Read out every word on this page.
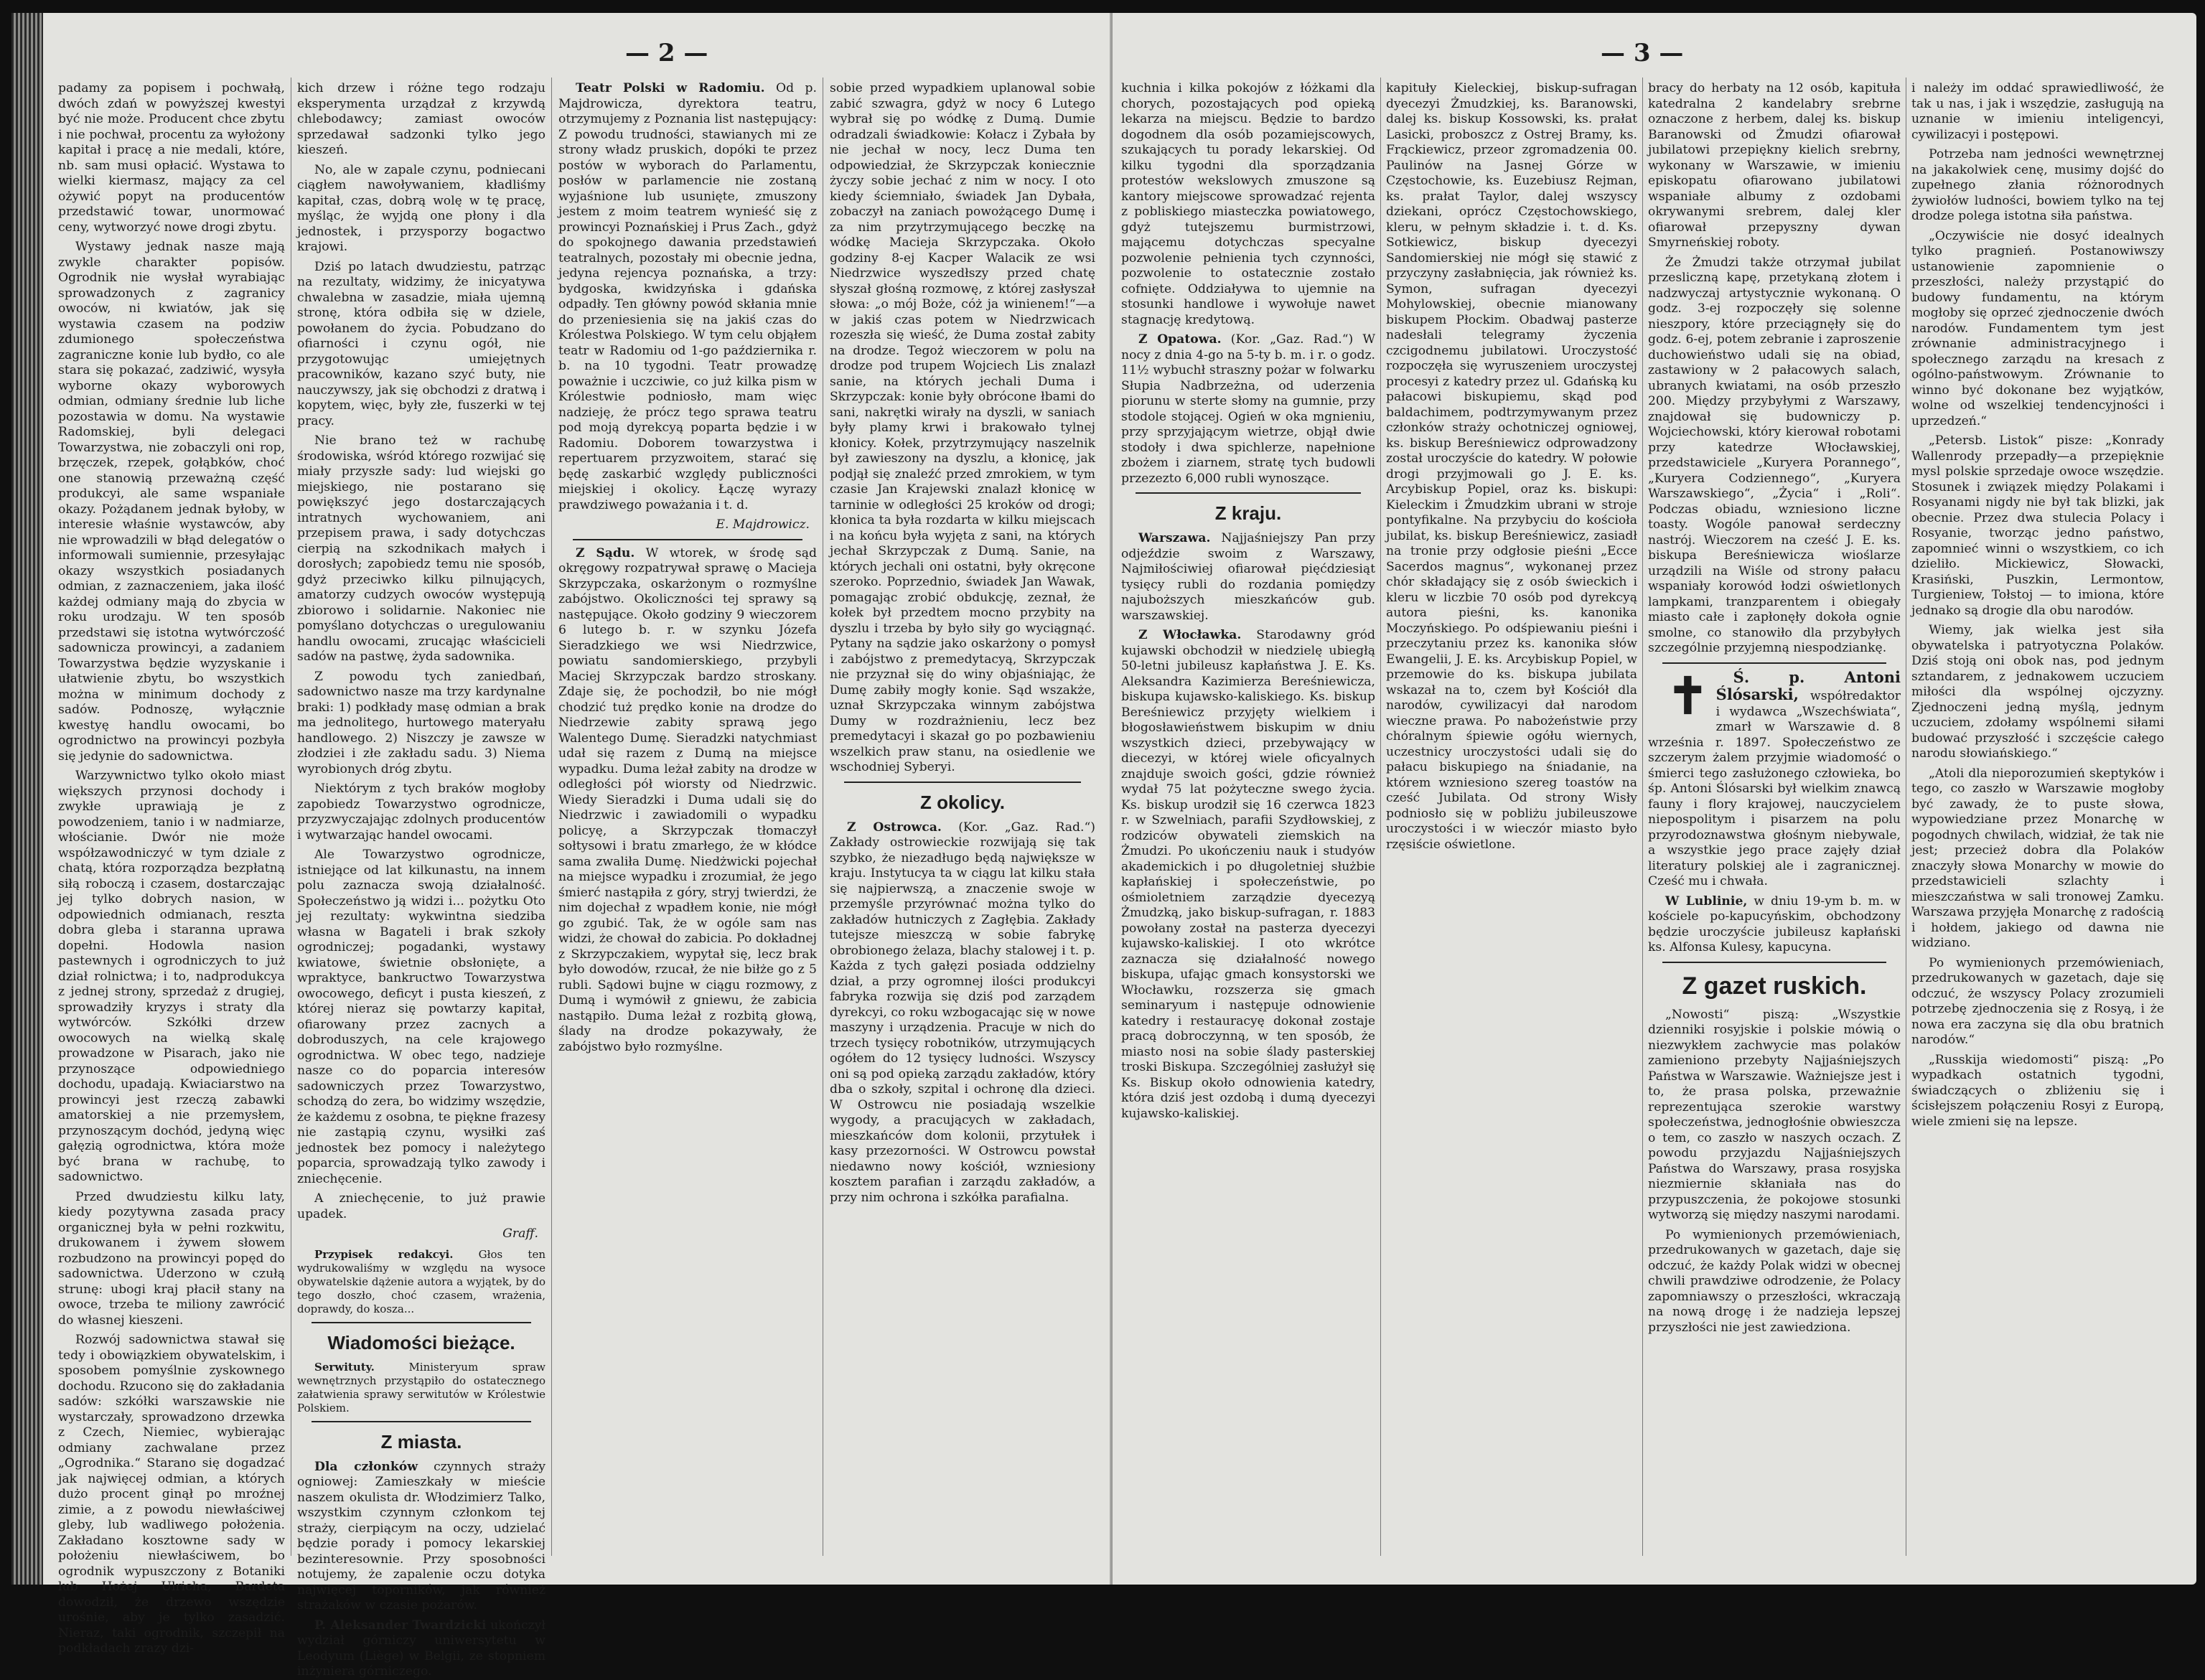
— 2 —

padamy za popisem i pochwałą, dwóch zdań w powyższej kwestyi być nie może. Producent chce zbytu i nie pochwał, procentu za wyłożony kapitał i pracę a nie medali, które, nb. sam musi opłacić. Wystawa to wielki kiermasz, mający za cel ożywić popyt na producentów przedstawić towar, unormować ceny, wytworzyć nowe drogi zbytu.

Wystawy jednak nasze mają zwykle charakter popisów. Ogrodnik nie wysłał wyrabiając sprowadzonych z zagranicy owoców, ni kwiatów, jak się wystawia czasem na podziw zdumionego społeczeństwa zagraniczne konie lub bydło, co ale stara się pokazać, zadziwić, wysyła wyborne okazy wyborowych odmian, odmiany średnie lub liche pozostawia w domu. Na wystawie Radomskiej, byli delegaci Towarzystwa, nie zobaczyli oni rop, brzęczek, rzepek, gołąbków, choć one stanowią przeważną część produkcyi, ale same wspaniałe okazy. Pożądanem jednak byłoby, w interesie właśnie wystawców, aby nie wprowadzili w błąd delegatów o informowali sumiennie, przesyłając okazy wszystkich posiadanych odmian, z zaznaczeniem, jaka ilość każdej odmiany mają do zbycia w roku urodzaju. W ten sposób przedstawi się istotna wytwórczość sadownicza prowincyi, a zadaniem Towarzystwa będzie wyzyskanie i ułatwienie zbytu, bo wszystkich można w minimum dochody z sadów. Podnoszę, wyłącznie kwestyę handlu owocami, bo ogrodnictwo na prowincyi pozbyła się jedynie do sadownictwa.

Warzywnictwo tylko około miast większych przynosi dochody i zwykłe uprawiają je z powodzeniem, tanio i w nadmiarze, włościanie. Dwór nie może współzawodniczyć w tym dziale z chatą, która rozporządza bezpłatną siłą roboczą i czasem, dostarczając jej tylko dobrych nasion, w odpowiednich odmianach, reszta dobra gleba i staranna uprawa dopełni. Hodowla nasion pastewnych i ogrodniczych to już dział rolnictwa; i to, nadprodukcya z jednej strony, sprzedaż z drugiej, sprowadziły kryzys i straty dla wytwórców. Szkółki drzew owocowych na wielką skalę prowadzone w Pisarach, jako nie przynoszące odpowiedniego dochodu, upadają. Kwiaciarstwo na prowincyi jest rzeczą zabawki amatorskiej a nie przemysłem, przynoszącym dochód, jedyną więc gałęzią ogrodnictwa, która może być brana w rachubę, to sadownictwo.

Przed dwudziestu kilku laty, kiedy pozytywna zasada pracy organicznej była w pełni rozkwitu, drukowanem i żywem słowem rozbudzono na prowincyi popęd do sadownictwa. Uderzono w czułą strunę: ubogi kraj płacił stany na owoce, trzeba te miliony zawrócić do własnej kieszeni.

Rozwój sadownictwa stawał się tedy i obowiązkiem obywatelskim, i sposobem pomyślnie zyskownego dochodu. Rzucono się do zakładania sadów: szkółki warszawskie nie wystarczały, sprowadzono drzewka z Czech, Niemiec, wybierając odmiany zachwalane przez „Ogrodnika.“ Starano się dogadzać jak najwięcej odmian, a których dużo procent ginął po mroźnej zimie, a z powodu niewłaściwej gleby, lub wadliwego położenia. Zakładano kosztowne sady w położeniu niewłaściwem, bo ogrodnik wypuszczony z Botaniki lub Hożej Ulricha, Bardeta dowodził, że drzewo wszędzie urośnie, aby je tylko zasadzić. Nieraz, taki ogrodnik, szczepił na podkładach zrazy dzi-

kich drzew i różne tego rodzaju eksperymenta urządzał z krzywdą chlebodawcy; zamiast owoców sprzedawał sadzonki tylko jego kieszeń.

No, ale w zapale czynu, podniecani ciągłem nawoływaniem, kładliśmy kapitał, czas, dobrą wolę w tę pracę, myśląc, że wyjdą one płony i dla jednostek, i przysporzy bogactwo krajowi.

Dziś po latach dwudziestu, patrząc na rezultaty, widzimy, że inicyatywa chwalebna w zasadzie, miała ujemną stronę, która odbiła się w dziele, powołanem do życia. Pobudzano do ofiarności i czynu ogół, nie przygotowując umiejętnych pracowników, kazano szyć buty, nie nauczywszy, jak się obchodzi z dratwą i kopytem, więc, były złe, fuszerki w tej pracy.

Nie brano też w rachubę środowiska, wśród którego rozwijać się miały przyszłe sady: lud wiejski go miejskiego, nie postarano się powiększyć jego dostarczających intratnych wychowaniem, ani przepisem prawa, i sady dotychczas cierpią na szkodnikach małych i dorosłych; zapobiedz temu nie sposób, gdyż przeciwko kilku pilnujących, amatorzy cudzych owoców występują zbiorowo i solidarnie. Nakoniec nie pomyślano dotychczas o uregulowaniu handlu owocami, zrucając właścicieli sadów na pastwę, żyda sadownika.

Z powodu tych zaniedbań, sadownictwo nasze ma trzy kardynalne braki: 1) podkłady masę odmian a brak ma jednolitego, hurtowego materyału handlowego. 2) Niszczy je zawsze w złodziei i złe zakładu sadu. 3) Niema wyrobionych dróg zbytu.

Niektórym z tych braków mogłoby zapobiedz Towarzystwo ogrodnicze, przyzwyczajając zdolnych producentów i wytwarzając handel owocami.

Ale Towarzystwo ogrodnicze, istniejące od lat kilkunastu, na innem polu zaznacza swoją działalność. Społeczeństwo ją widzi i... pożytku Oto jej rezultaty: wykwintna siedziba własna w Bagateli i brak szkoły ogrodniczej; pogadanki, wystawy kwiatowe, świetnie obsłonięte, a wpraktyce, bankructwo Towarzystwa owocowego, deficyt i pusta kieszeń, z której nieraz się powtarzy kapitał, ofiarowany przez zacnych a dobroduszych, na cele krajowego ogrodnictwa. W obec tego, nadzieje nasze co do poparcia interesów sadowniczych przez Towarzystwo, schodzą do zera, bo widzimy wszędzie, że każdemu z osobna, te piękne frazesy nie zastąpią czynu, wysiłki zaś jednostek bez pomocy i należytego poparcia, sprowadzają tylko zawody i zniechęcenie.

A zniechęcenie, to już prawie upadek.

Graff.

Przypisek redakcyi. Głos ten wydrukowaliśmy w względu na wysoce obywatelskie dążenie autora a wyjątek, by do tego doszło, choć czasem, wrażenia, doprawdy, do kosza...

Wiadomości bieżące.

Serwituty.	Ministeryum spraw wewnętrznych przystąpiło do ostatecznego załatwienia sprawy serwitutów w Królestwie Polskiem.

Z miasta.

Dla członków czynnych straży ogniowej: Zamieszkały w mieście naszem okulista dr. Włodzimierz Talko, wszystkim czynnym członkom tej straży, cierpiącym na oczy, udzielać będzie porady i pomocy lekarskiej bezinteresownie. Przy sposobności notujemy, że zapalenie oczu dotyka najwięcej toporników, jak również strażaków w czasie pożarów.

P. Aleksander Twardzicki ukończył wydział górniczy uniwersytetu w Leodyum (Liège) w Belgii, ze stopniem inżyniera górniczego.

Teatr Polski w Radomiu. Od p. Majdrowicza, dyrektora teatru, otrzymujemy z Poznania list następujący: Z powodu trudności, stawianych mi ze strony władz pruskich, dopóki te przez postów w wyborach do Parlamentu, posłów w parlamencie nie zostaną wyjaśnione lub usunięte, zmuszony jestem z moim teatrem wynieść się z prowincyi Poznańskiej i Prus Zach., gdyż do spokojnego dawania przedstawień teatralnych, pozostały mi obecnie jedna, jedyna rejencya poznańska, a trzy: bydgoska, kwidzyńska i gdańska odpadły. Ten główny powód skłania mnie do przeniesienia się na jakiś czas do Królestwa Polskiego. W tym celu objąłem teatr w Radomiu od 1-go października r. b. na 10 tygodni. Teatr prowadzę poważnie i uczciwie, co już kilka pism w Królestwie podniosło, mam więc nadzieję, że prócz tego sprawa teatru pod moją dyrekcyą poparta będzie i w Radomiu. Doborem towarzystwa i repertuarem przyzwoitem, starać się będę zaskarbić względy publiczności miejskiej i okolicy. Łączę wyrazy prawdziwego poważania i t. d.

E. Majdrowicz.

Z Sądu. W wtorek, w środę sąd okręgowy rozpatrywał sprawę o Macieja Skrzypczaka, oskarżonym o rozmyślne zabójstwo. Okoliczności tej sprawy są następujące. Około godziny 9 wieczorem 6 lutego b. r. w szynku Józefa Sieradzkiego we wsi Niedrzwice, powiatu sandomierskiego, przybyli Maciej Skrzypczak bardzo stroskany. Zdaje się, że pochodził, bo nie mógł chodzić tuż prędko konie na drodze do Niedrzewie zabity sprawą jego Walentego Dumę. Sieradzki natychmiast udał się razem z Dumą na miejsce wypadku. Duma leżał zabity na drodze w odległości pół wiorsty od Niedrzwic. Wiedy Sieradzki i Duma udali się do Niedrzwic i zawiadomili o wypadku policyę, a Skrzypczak tłomaczył sołtysowi i bratu zmarłego, że w kłódce sama zwaliła Dumę. Niedżwicki pojechał na miejsce wypadku i zrozumiał, że jego śmierć nastąpiła z góry, stryj twierdzi, że nim dojechał z wpadłem konie, nie mógł go zgubić. Tak, że w ogóle sam nas widzi, że chował do zabicia. Po dokładnej z Skrzypczakiem, wypytał się, lecz brak było dowodów, rzucał, że nie biłże go z 5 rubli. Sądowi bujne w ciągu rozmowy, z Dumą i wymówił z gniewu, że zabicia nastąpiło. Duma leżał z rozbitą głową, ślady na drodze pokazywały, że zabójstwo było rozmyślne.

sobie przed wypadkiem uplanowal sobie zabić szwagra, gdyż w nocy 6 Lutego wybrał się po wódkę z Dumą. Dumie odradzali świadkowie: Kołacz i Zybała by nie jechał w nocy, lecz Duma ten odpowiedział, że Skrzypczak koniecznie życzy sobie jechać z nim w nocy. I oto kiedy ściemniało, świadek Jan Dybała, zobaczył na zaniach powożącego Dumę i za nim przytrzymującego beczkę na wódkę Macieja Skrzypczaka. Około godziny 8-ej Kacper Walacik ze wsi Niedrzwice wyszedłszy przed chatę słyszał głośną rozmowę, z której zasłyszał słowa: „o mój Boże, cóż ja winienem!“—a w jakiś czas potem w Niedrzwicach rozeszła się wieść, że Duma został zabity na drodze. Tegoż wieczorem w polu na drodze pod trupem Wojciech Lis znalazł sanie, na których jechali Duma i Skrzypczak: konie były obrócone łbami do sani, nakrętki wirały na dyszli, w saniach były plamy krwi i brakowało tylnej kłonicy. Kołek, przytrzymujący naszelnik był zawieszony na dyszlu, a kłonicę, jak podjął się znaleźć przed zmrokiem, w tym czasie Jan Krajewski znalazł kłonicę w tarninie w odległości 25 kroków od drogi; kłonica ta była rozdarta w kilku miejscach i na końcu była wyjęta z sani, na których jechał Skrzypczak z Dumą. Sanie, na których jechali oni ostatni, były okręcone szeroko. Poprzednio, świadek Jan Wawak, pomagając zrobić obdukcję, zeznał, że kołek był przedtem mocno przybity na dyszlu i trzeba by było siły go wyciągnąć. Pytany na sądzie jako oskarżony o pomysł i zabójstwo z premedytacyą, Skrzypczak nie przyznał się do winy objaśniając, że Dumę zabiły mogły konie. Sąd wszakże, uznał Skrzypczaka winnym zabójstwa Dumy w rozdrażnieniu, lecz bez premedytacyi i skazał go po pozbawieniu wszelkich praw stanu, na osiedlenie we wschodniej Syberyi.

Z okolicy.

Z Ostrowca. (Kor. „Gaz. Rad.“) Zakłady ostrowieckie rozwijają się tak szybko, że niezadługo będą największe w kraju. Instytucya ta w ciągu lat kilku stała się najpierwszą, a znaczenie swoje w przemyśle przyrównać można tylko do zakładów hutniczych z Zagłębia. Zakłady tutejsze mieszczą w sobie fabrykę obrobionego żelaza, blachy stalowej i t. p. Każda z tych gałęzi posiada oddzielny dział, a przy ogromnej ilości produkcyi fabryka rozwija się dziś pod zarządem dyrekcyi, co roku wzbogacając się w nowe maszyny i urządzenia. Pracuje w nich do trzech tysięcy robotników, utrzymujących ogółem do 12 tysięcy ludności. Wszyscy oni są pod opieką zarządu zakładów, który dba o szkoły, szpital i ochronę dla dzieci. W Ostrowcu nie posiadają wszelkie wygody, a pracujących w zakładach, mieszkańców dom kolonii, przytułek i kasy przezorności. W Ostrowcu powstał niedawno nowy kościół, wzniesiony kosztem parafian i zarządu zakładów, a przy nim ochrona i szkółka parafialna.

— 3 —

kuchnia i kilka pokojów z łóżkami dla chorych, pozostających pod opieką lekarza na miejscu. Będzie to bardzo dogodnem dla osób pozamiejscowych, szukających tu porady lekarskiej. Od kilku tygodni dla sporządzania protestów wekslowych zmuszone są kantory miejscowe sprowadzać rejenta z pobliskiego miasteczka powiatowego, gdyż tutejszemu burmistrzowi, mającemu dotychczas specyalne pozwolenie pełnienia tych czynności, pozwolenie to ostatecznie zostało cofnięte. Oddziaływa to ujemnie na stosunki handlowe i wywołuje nawet stagnację kredytową.

Z Opatowa. (Kor. „Gaz. Rad.“) W nocy z dnia 4-go na 5-ty b. m. i r. o godz. 11½ wybuchł straszny pożar w folwarku Słupia Nadbrzeżna, od uderzenia piorunu w sterte słomy na gumnie, przy stodole stojącej. Ogień w oka mgnieniu, przy sprzyjającym wietrze, objął dwie stodoły i dwa spichlerze, napełnione zbożem i ziarnem, stratę tych budowli przezezto 6,000 rubli wynoszące.

Z kraju.

Warszawa. Najjaśniejszy Pan przy odjeździe swoim z Warszawy, Najmiłościwiej ofiarował pięćdziesiąt tysięcy rubli do rozdania pomiędzy najuboższych mieszkańców gub. warszawskiej.

Z Włocławka. Starodawny gród kujawski obchodził w niedzielę ubiegłą 50-letni jubileusz kapłaństwa J. E. Ks. Aleksandra Kazimierza Bereśniewicza, biskupa kujawsko-kaliskiego. Ks. biskup Bereśniewicz przyjęty wielkiem i błogosławieństwem biskupim w dniu wszystkich dzieci, przebywający w diecezyi, w której wiele oficyalnych znajduje swoich gości, gdzie również wydał 75 lat pożyteczne swego życia. Ks. biskup urodził się 16 czerwca 1823 r. w Szwelniach, parafii Szydłowskiej, z rodziców obywateli ziemskich na Żmudzi. Po ukończeniu nauk i studyów akademickich i po długoletniej służbie kapłańskiej i społeczeństwie, po ośmioletniem zarządzie dyecezyą Żmudzką, jako biskup-sufragan, r. 1883 powołany został na pasterza dyecezyi kujawsko-kaliskiej. I oto wkrótce zaznacza się działalność nowego biskupa, ufając gmach konsystorski we Włocławku, rozszerza się gmach seminaryum i następuje odnowienie katedry i restauracyę dokonał zostaje pracą dobroczynną, w ten sposób, że miasto nosi na sobie ślady pasterskiej troski Biskupa. Szczególniej zasłużył się Ks. Biskup około odnowienia katedry, która dziś jest ozdobą i dumą dyecezyi kujawsko-kaliskiej.

kapituły Kieleckiej, biskup-sufragan dyecezyi Żmudzkiej, ks. Baranowski, dalej ks. biskup Kossowski, ks. prałat Lasicki, proboszcz z Ostrej Bramy, ks. Frąckiewicz, przeor zgromadzenia 00. Paulinów na Jasnej Górze w Częstochowie, ks. Euzebiusz Rejman, ks. prałat Taylor, dalej wszyscy dziekani, oprócz Częstochowskiego, kleru, w pełnym składzie i. t. d. Ks. Sotkiewicz, biskup dyecezyi Sandomierskiej nie mógł się stawić z przyczyny zasłabnięcia, jak również ks. Symon, sufragan dyecezyi Mohylowskiej, obecnie mianowany biskupem Płockim. Obadwaj pasterze nadesłali telegramy życzenia czcigodnemu jubilatowi. Uroczystość rozpoczęła się wyruszeniem uroczystej procesyi z katedry przez ul. Gdańską ku pałacowi biskupiemu, skąd pod baldachimem, podtrzymywanym przez członków straży ochotniczej ogniowej, ks. biskup Bereśniewicz odprowadzony został uroczyście do katedry. W połowie drogi przyjmowali go J. E. ks. Arcybiskup Popiel, oraz ks. biskupi: Kieleckim i Żmudzkim ubrani w stroje pontyfikalne. Na przybyciu do kościoła jubilat, ks. biskup Bereśniewicz, zasiadł na tronie przy odgłosie pieśni „Ecce Sacerdos magnus“, wykonanej przez chór składający się z osób świeckich i kleru w liczbie 70 osób pod dyrekcyą autora pieśni, ks. kanonika Moczyńskiego. Po odśpiewaniu pieśni i przeczytaniu przez ks. kanonika słów Ewangelii, J. E. ks. Arcybiskup Popiel, w przemowie do ks. biskupa jubilata wskazał na to, czem był Kościół dla narodów, cywilizacyi dał narodom wieczne prawa. Po nabożeństwie przy chóralnym śpiewie ogółu wiernych, uczestnicy uroczystości udali się do pałacu biskupiego na śniadanie, na którem wzniesiono szereg toastów na cześć Jubilata. Od strony Wisły podniosło się w pobliżu jubileuszowe uroczystości i w wieczór miasto było rzęsiście oświetlone.

bracy do herbaty na 12 osób, kapituła katedralna 2 kandelabry srebrne oznaczone z herbem, dalej ks. biskup Baranowski od Żmudzi ofiarował jubilatowi przepiękny kielich srebrny, wykonany w Warszawie, w imieniu episkopatu ofiarowano jubilatowi wspaniałe albumy z ozdobami okrywanymi srebrem, dalej kler ofiarował przepyszny dywan Smyrneńskiej roboty.

Że Żmudzi także otrzymał jubilat przesliczną kapę, przetykaną złotem i nadzwyczaj artystycznie wykonaną. O godz. 3-ej rozpoczęły się solenne nieszpory, które przeciągnęły się do godz. 6-ej, potem zebranie i zaproszenie duchowieństwo udali się na obiad, zastawiony w 2 pałacowych salach, ubranych kwiatami, na osób przeszło 200. Między przybyłymi z Warszawy, znajdował się budowniczy p. Wojciechowski, który kierował robotami przy katedrze Włocławskiej, przedstawiciele „Kuryera Porannego“, „Kuryera Codziennego“, „Kuryera Warszawskiego“, „Życia“ i „Roli“. Podczas obiadu, wzniesiono liczne toasty. Wogóle panował serdeczny nastrój. Wieczorem na cześć J. E. ks. biskupa Bereśniewicza wioślarze urządzili na Wiśle od strony pałacu wspaniały korowód łodzi oświetlonych lampkami, tranzparentem i obiegały miasto całe i zapłonęły dokoła ognie smolne, co stanowiło dla przybyłych szczególnie przyjemną niespodziankę.

✝ Ś. p. Antoni Ślósarski, współredaktor i wydawca „Wszechświata“, zmarł w Warszawie d. 8 września r. 1897. Społeczeństwo ze szczerym żalem przyjmie wiadomość o śmierci tego zasłużonego człowieka, bo śp. Antoni Ślósarski był wielkim znawcą fauny i flory krajowej, nauczycielem niepospolitym i pisarzem na polu przyrodoznawstwa głośnym niebywale, a wszystkie jego prace zajęły dział literatury polskiej ale i zagranicznej. Cześć mu i chwała.

W Lublinie, w dniu 19-ym b. m. w kościele po-kapucyńskim, obchodzony będzie uroczyście jubileusz kapłański ks. Alfonsa Kulesy, kapucyna.

Z gazet ruskich.

„Nowosti“ piszą: „Wszystkie dzienniki rosyjskie i polskie mówią o niezwykłem zachwycie mas polaków zamieniono przebyty Najjaśniejszych Państwa w Warszawie. Ważniejsze jest i to, że prasa polska, przeważnie reprezentująca szerokie warstwy społeczeństwa, jednogłośnie obwieszcza o tem, co zaszło w naszych oczach. Z powodu przyjazdu Najjaśniejszych Państwa do Warszawy, prasa rosyjska niezmiernie skłaniała nas do przypuszczenia, że pokojowe stosunki wytworzą się między naszymi narodami.

Po wymienionych przemówieniach, przedrukowanych w gazetach, daje się odczuć, że każdy Polak widzi w obecnej chwili prawdziwe odrodzenie, że Polacy zapomniawszy o przeszłości, wkraczają na nową drogę i że nadzieja lepszej przyszłości nie jest zawiedziona.

i należy im oddać sprawiedliwość, że tak u nas, i jak i wszędzie, zasługują na uznanie w imieniu inteligencyi, cywilizacyi i postępowi.

Potrzeba nam jedności wewnętrznej na jakakolwiek cenę, musimy dojść do zupełnego złania różnorodnych żywiołów ludności, bowiem tylko na tej drodze polega istotna siła państwa.

„Oczywiście nie dosyć idealnych tylko pragnień. Postanowiwszy ustanowienie zapomnienie o przeszłości, należy przystąpić do budowy fundamentu, na którym mogłoby się oprzeć zjednoczenie dwóch narodów. Fundamentem tym jest zrównanie administracyjnego i społecznego zarządu na kresach z ogólno-państwowym. Zrównanie to winno być dokonane bez wyjątków, wolne od wszelkiej tendencyjności i uprzedzeń.“

„Petersb. Listok“ pisze: „Konrady Wallenrody przepadły—a przepięknie mysl polskie sprzedaje owoce wszędzie. Stosunek i związek między Polakami i Rosyanami nigdy nie był tak blizki, jak obecnie. Przez dwa stulecia Polacy i Rosyanie, tworząc jedno państwo, zapomnieć winni o wszystkiem, co ich dzieliło. Mickiewicz, Słowacki, Krasiński, Puszkin, Lermontow, Turgieniew, Tołstoj — to imiona, które jednako są drogie dla obu narodów.

Wiemy, jak wielka jest siła obywatelska i patryotyczna Polaków. Dziś stoją oni obok nas, pod jednym sztandarem, z jednakowem uczuciem miłości dla wspólnej ojczyzny. Zjednoczeni jedną myślą, jednym uczuciem, zdołamy wspólnemi siłami budować przyszłość i szczęście całego narodu słowiańskiego.“

„Atoli dla nieporozumień skeptyków i tego, co zaszło w Warszawie mogłoby być zawady, że to puste słowa, wypowiedziane przez Monarchę w pogodnych chwilach, widział, że tak nie jest; przecież dobra dla Polaków znaczyły słowa Monarchy w mowie do przedstawicieli szlachty i mieszczaństwa w sali tronowej Zamku. Warszawa przyjęła Monarchę z radością i hołdem, jakiego od dawna nie widziano.

Po wymienionych przemówieniach, przedrukowanych w gazetach, daje się odczuć, że wszyscy Polacy zrozumieli potrzebę zjednoczenia się z Rosyą, i że nowa era zaczyna się dla obu bratnich narodów.“

„Russkija wiedomosti“ piszą: „Po wypadkach ostatnich tygodni, świadczących o zbliżeniu się i ścisłejszem połączeniu Rosyi z Europą, wiele zmieni się na lepsze.
